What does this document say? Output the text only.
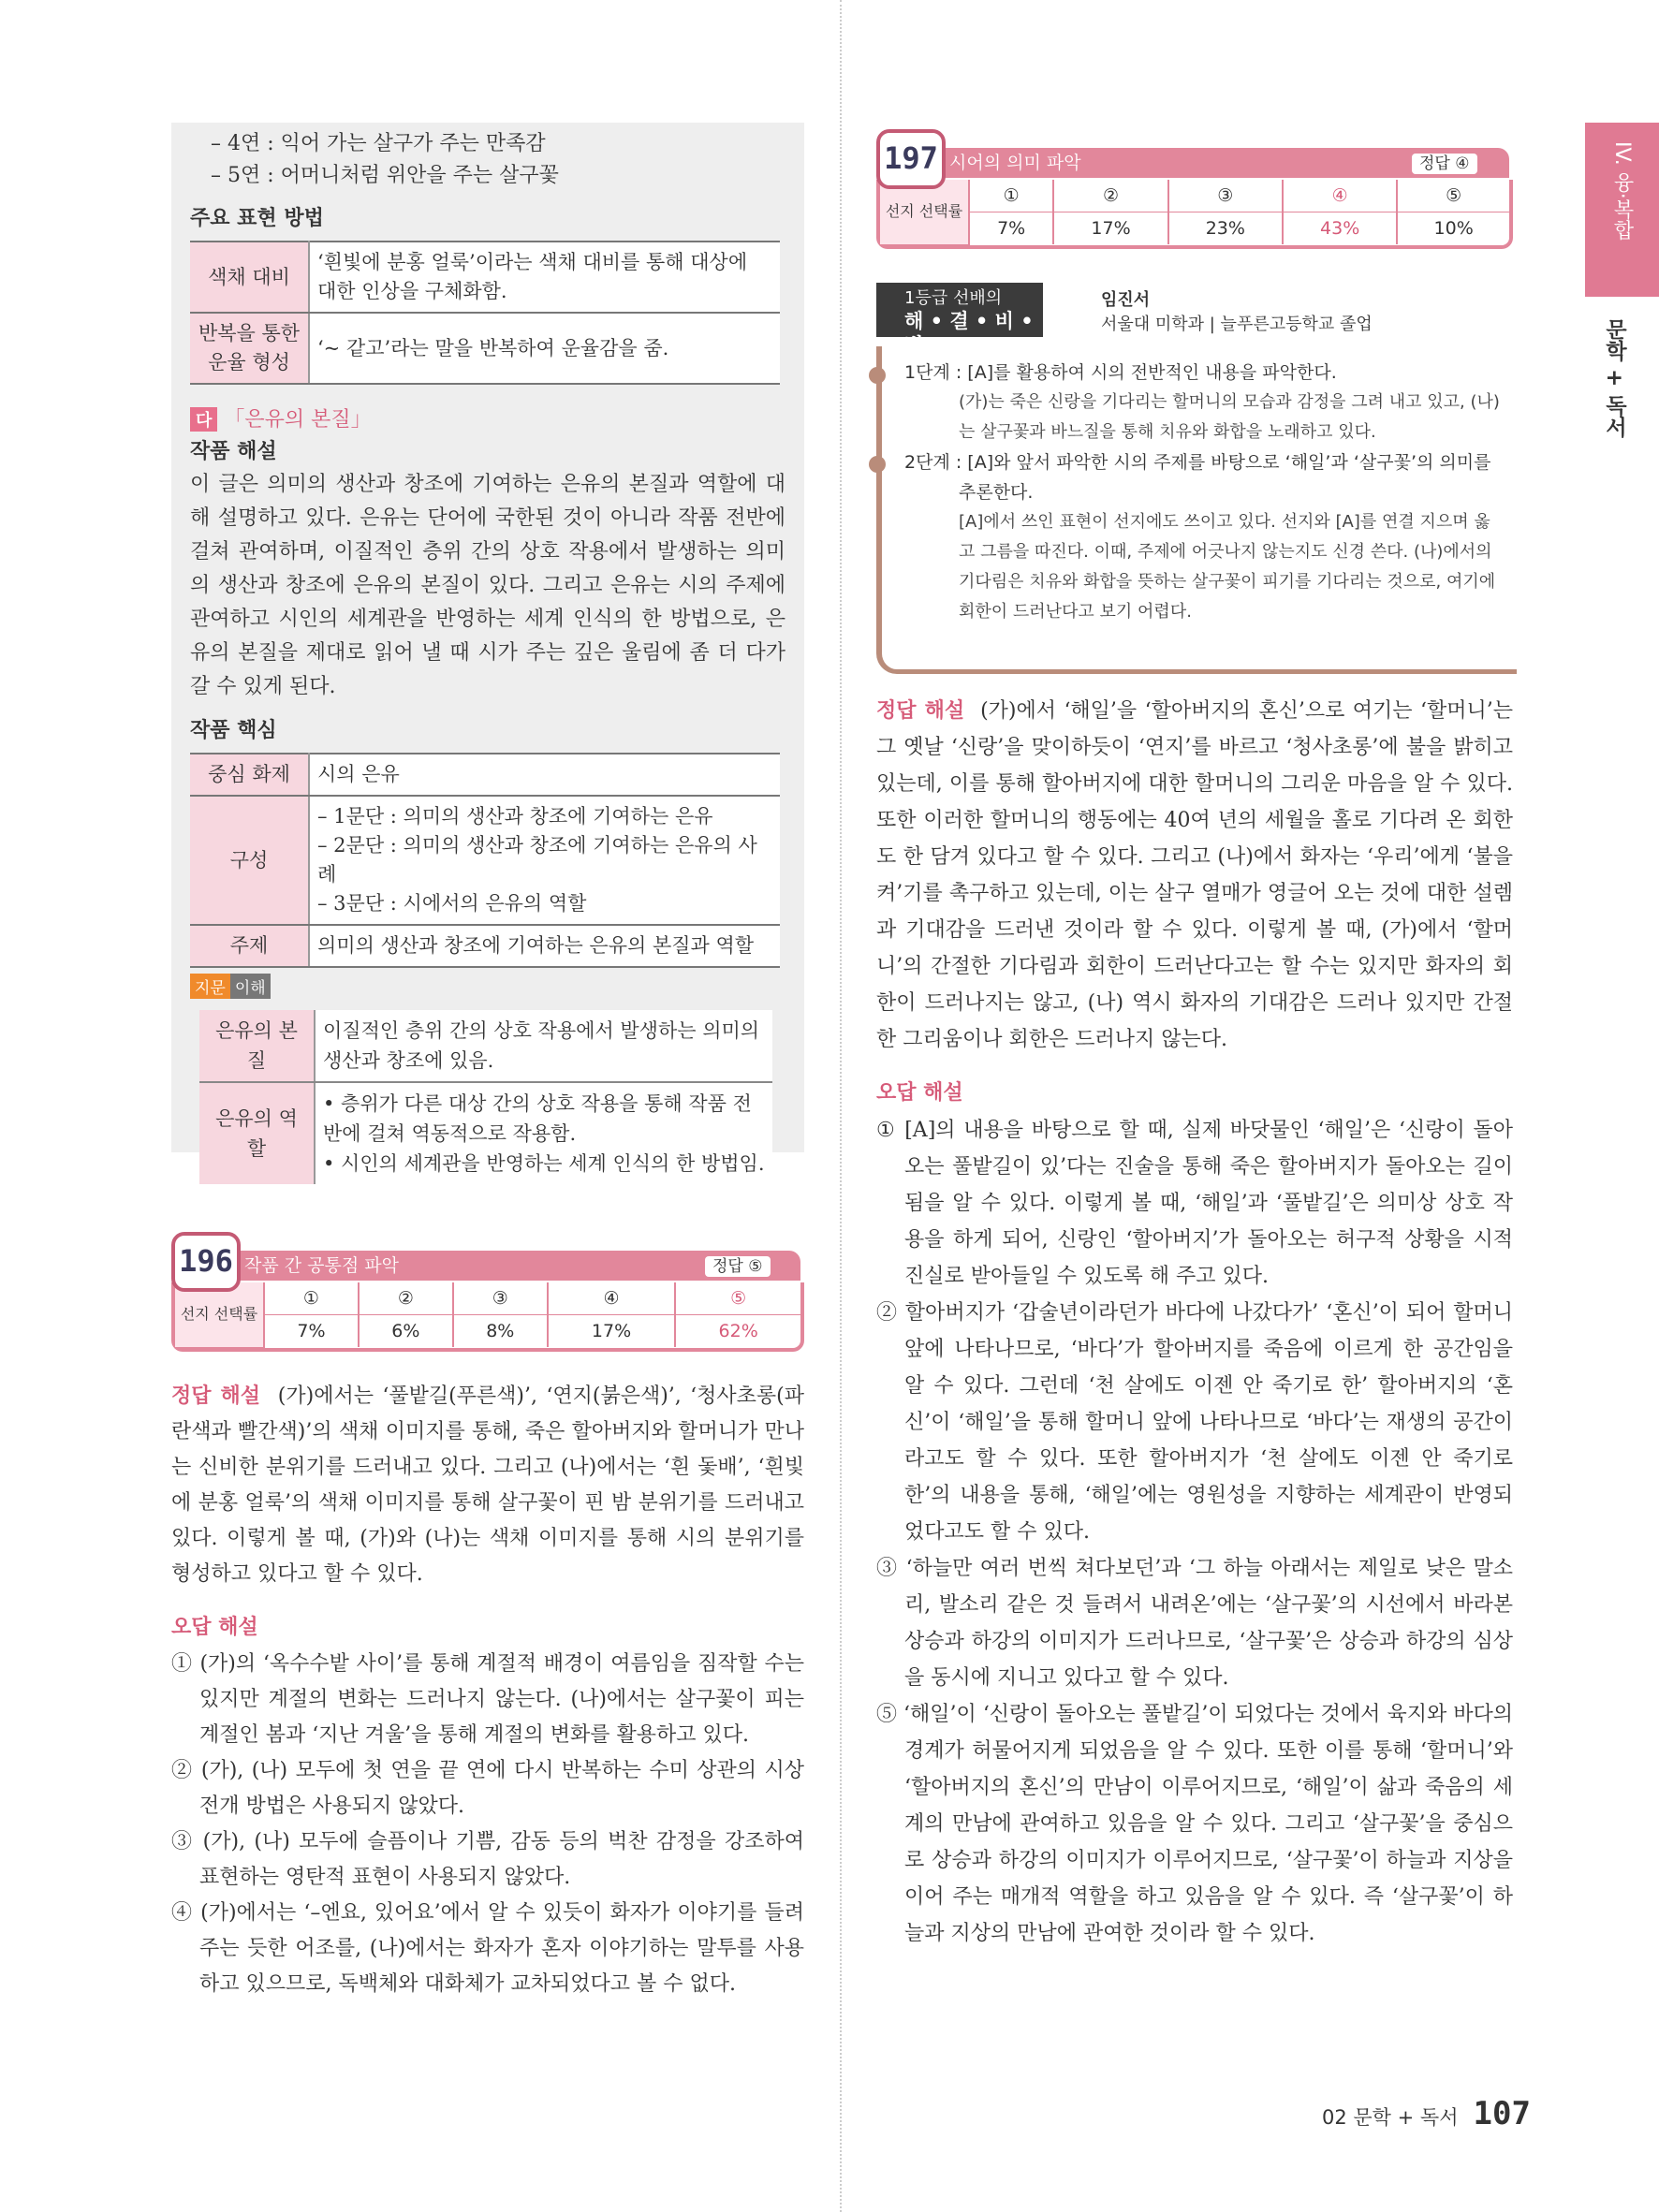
– 4연 : 익어 가는 살구가 주는 만족감
– 5연 : 어머니처럼 위안을 주는 살구꽃
주요 표현 방법
색채 대비	‘흰빛에 분홍 얼룩’이라는 색채 대비를 통해 대상에 대한 인상을 구체화함.
반복을 통한 운율 형성	‘~ 같고’라는 말을 반복하여 운율감을 줌.
다 「은유의 본질」
작품 해설
이 글은 의미의 생산과 창조에 기여하는 은유의 본질과 역할에 대해 설명하고 있다. 은유는 단어에 국한된 것이 아니라 작품 전반에 걸쳐 관여하며, 이질적인 층위 간의 상호 작용에서 발생하는 의미의 생산과 창조에 은유의 본질이 있다. 그리고 은유는 시의 주제에 관여하고 시인의 세계관을 반영하는 세계 인식의 한 방법으로, 은유의 본질을 제대로 읽어 낼 때 시가 주는 깊은 울림에 좀 더 다가갈 수 있게 된다.
작품 핵심
중심 화제	시의 은유
구성	– 1문단 : 의미의 생산과 창조에 기여하는 은유
– 2문단 : 의미의 생산과 창조에 기여하는 은유의 사례
– 3문단 : 시에서의 은유의 역할

주제	의미의 생산과 창조에 기여하는 은유의 본질과 역할
지문 이해
은유의 본질	이질적인 층위 간의 상호 작용에서 발생하는 의미의 생산과 창조에 있음.
은유의 역할	• 층위가 다른 대상 간의 상호 작용을 통해 작품 전반에 걸쳐 역동적으로 작용함.
• 시인의 세계관을 반영하는 세계 인식의 한 방법임.
196 작품 간 공통점 파악	정답 ⑤
선지 선택률	①	②	③	④	⑤
	7%	6%	8%	17%	62%
정답 해설 (가)에서는 ‘풀밭길(푸른색)’, ‘연지(붉은색)’, ‘청사초롱(파란색과 빨간색)’의 색채 이미지를 통해, 죽은 할아버지와 할머니가 만나는 신비한 분위기를 드러내고 있다. 그리고 (나)에서는 ‘흰 돛배’, ‘흰빛에 분홍 얼룩’의 색채 이미지를 통해 살구꽃이 핀 밤 분위기를 드러내고 있다. 이렇게 볼 때, (가)와 (나)는 색채 이미지를 통해 시의 분위기를 형성하고 있다고 할 수 있다.
오답 해설
① (가)의 ‘옥수수밭 사이’를 통해 계절적 배경이 여름임을 짐작할 수는 있지만 계절의 변화는 드러나지 않는다. (나)에서는 살구꽃이 피는 계절인 봄과 ‘지난 겨울’을 통해 계절의 변화를 활용하고 있다.
② (가), (나) 모두에 첫 연을 끝 연에 다시 반복하는 수미 상관의 시상 전개 방법은 사용되지 않았다.
③ (가), (나) 모두에 슬픔이나 기쁨, 감동 등의 벅찬 감정을 강조하여 표현하는 영탄적 표현이 사용되지 않았다.
④ (가)에서는 ‘–엔요, 있어요’에서 알 수 있듯이 화자가 이야기를 들려주는 듯한 어조를, (나)에서는 화자가 혼자 이야기하는 말투를 사용하고 있으므로, 독백체와 대화체가 교차되었다고 볼 수 없다.
197 시어의 의미 파악	정답 ④
선지 선택률	①	②	③	④	⑤
	7%	17%	23%	43%	10%
1등급 선배의
해 • 결 • 비 • 법
임진서
서울대 미학과 | 늘푸른고등학교 졸업
1단계 : [A]를 활용하여 시의 전반적인 내용을 파악한다.
(가)는 죽은 신랑을 기다리는 할머니의 모습과 감정을 그려 내고 있고, (나)는 살구꽃과 바느질을 통해 치유와 화합을 노래하고 있다.
2단계 : [A]와 앞서 파악한 시의 주제를 바탕으로 ‘해일’과 ‘살구꽃’의 의미를 추론한다.
[A]에서 쓰인 표현이 선지에도 쓰이고 있다. 선지와 [A]를 연결 지으며 옳고 그름을 따진다. 이때, 주제에 어긋나지 않는지도 신경 쓴다. (나)에서의 기다림은 치유와 화합을 뜻하는 살구꽃이 피기를 기다리는 것으로, 여기에 회한이 드러난다고 보기 어렵다.
정답 해설 (가)에서 ‘해일’을 ‘할아버지의 혼신’으로 여기는 ‘할머니’는 그 옛날 ‘신랑’을 맞이하듯이 ‘연지’를 바르고 ‘청사초롱’에 불을 밝히고 있는데, 이를 통해 할아버지에 대한 할머니의 그리운 마음을 알 수 있다. 또한 이러한 할머니의 행동에는 40여 년의 세월을 홀로 기다려 온 회한도 한 담겨 있다고 할 수 있다. 그리고 (나)에서 화자는 ‘우리’에게 ‘불을 켜’기를 촉구하고 있는데, 이는 살구 열매가 영글어 오는 것에 대한 설렘과 기대감을 드러낸 것이라 할 수 있다. 이렇게 볼 때, (가)에서 ‘할머니’의 간절한 기다림과 회한이 드러난다고는 할 수는 있지만 화자의 회한이 드러나지는 않고, (나) 역시 화자의 기대감은 드러나 있지만 간절한 그리움이나 회한은 드러나지 않는다.
오답 해설
① [A]의 내용을 바탕으로 할 때, 실제 바닷물인 ‘해일’은 ‘신랑이 돌아오는 풀밭길이 있’다는 진술을 통해 죽은 할아버지가 돌아오는 길이 됨을 알 수 있다. 이렇게 볼 때, ‘해일’과 ‘풀밭길’은 의미상 상호 작용을 하게 되어, 신랑인 ‘할아버지’가 돌아오는 허구적 상황을 시적 진실로 받아들일 수 있도록 해 주고 있다.
② 할아버지가 ‘갑술년이라던가 바다에 나갔다가’ ‘혼신’이 되어 할머니 앞에 나타나므로, ‘바다’가 할아버지를 죽음에 이르게 한 공간임을 알 수 있다. 그런데 ‘천 살에도 이젠 안 죽기로 한’ 할아버지의 ‘혼신’이 ‘해일’을 통해 할머니 앞에 나타나므로 ‘바다’는 재생의 공간이라고도 할 수 있다. 또한 할아버지가 ‘천 살에도 이젠 안 죽기로 한’의 내용을 통해, ‘해일’에는 영원성을 지향하는 세계관이 반영되었다고도 할 수 있다.
③ ‘하늘만 여러 번씩 쳐다보던’과 ‘그 하늘 아래서는 제일로 낮은 말소리, 발소리 같은 것 들려서 내려온’에는 ‘살구꽃’의 시선에서 바라본 상승과 하강의 이미지가 드러나므로, ‘살구꽃’은 상승과 하강의 심상을 동시에 지니고 있다고 할 수 있다.
⑤ ‘해일’이 ‘신랑이 돌아오는 풀밭길’이 되었다는 것에서 육지와 바다의 경계가 허물어지게 되었음을 알 수 있다. 또한 이를 통해 ‘할머니’와 ‘할아버지의 혼신’의 만남이 이루어지므로, ‘해일’이 삶과 죽음의 세계의 만남에 관여하고 있음을 알 수 있다. 그리고 ‘살구꽃’을 중심으로 상승과 하강의 이미지가 이루어지므로, ‘살구꽃’이 하늘과 지상을 이어 주는 매개적 역할을 하고 있음을 알 수 있다. 즉 ‘살구꽃’이 하늘과 지상의 만남에 관여한 것이라 할 수 있다.
IV. 융·복합
문학 + 독서
02 문학 + 독서 107
